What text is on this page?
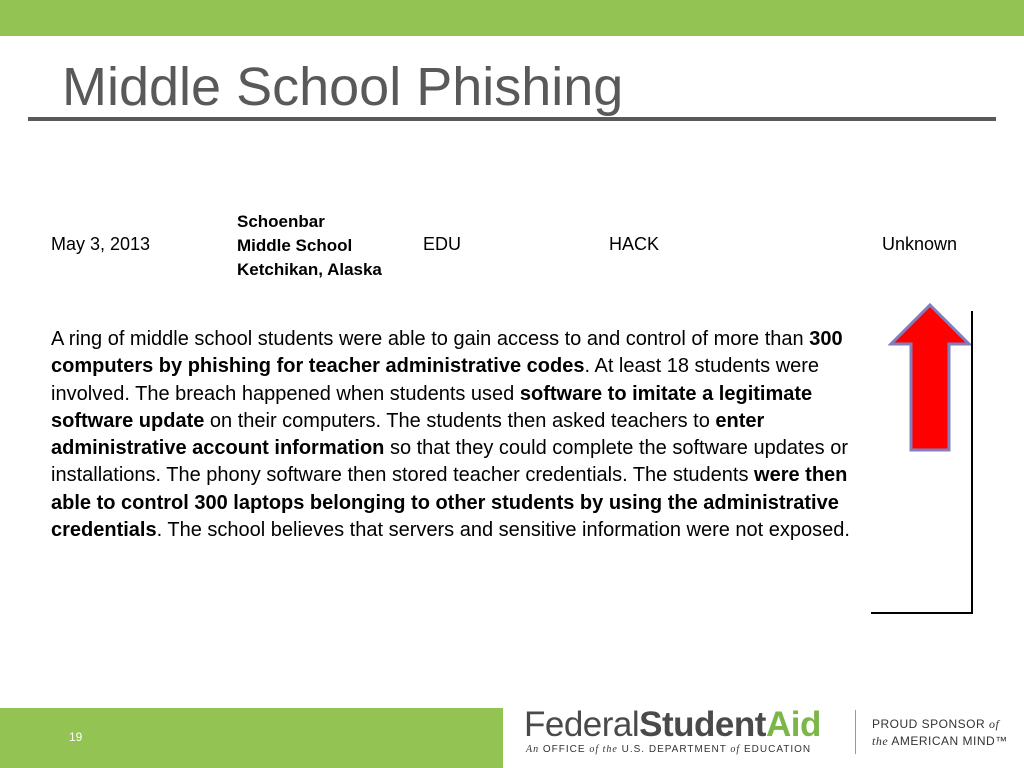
Middle School Phishing
May 3, 2013
Schoenbar
Middle School
Ketchikan, Alaska
EDU	HACK	Unknown
A ring of middle school students were able to gain access to and control of more than 300 computers by phishing for teacher administrative codes. At least 18 students were involved. The breach happened when students used software to imitate a legitimate software update on their computers. The students then asked teachers to enter administrative account information so that they could complete the software updates or installations. The phony software then stored teacher credentials. The students were then able to control 300 laptops belonging to other students by using the administrative credentials. The school believes that servers and sensitive information were not exposed.
19	FederalStudentAid
An OFFICE of the U.S. DEPARTMENT of EDUCATION
PROUD SPONSOR of
the AMERICAN MIND™
